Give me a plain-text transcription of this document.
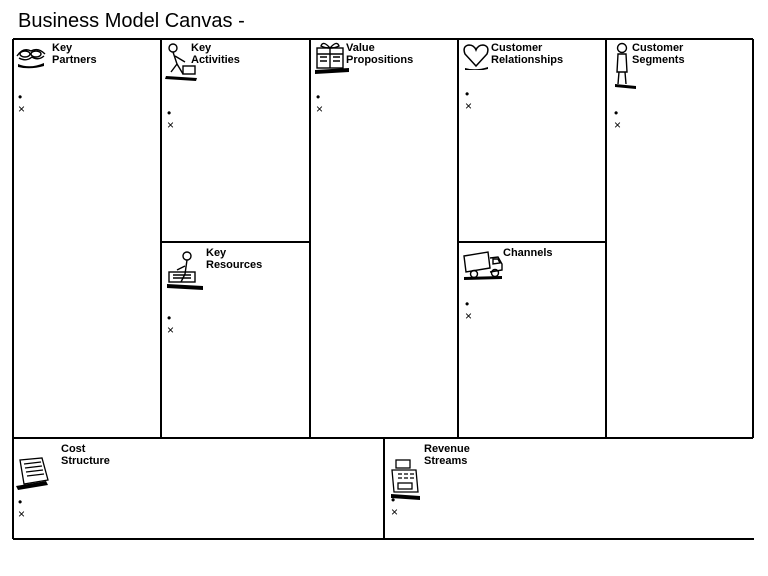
Business Model Canvas -
Key Partners
•×
Key Activities
•×
Key Resources
•×
Value Propositions
•×
Customer
Relationships
•×
Channels
•×
Customer Segments
•×
Cost Structure
•×
Revenue Streams
•×
